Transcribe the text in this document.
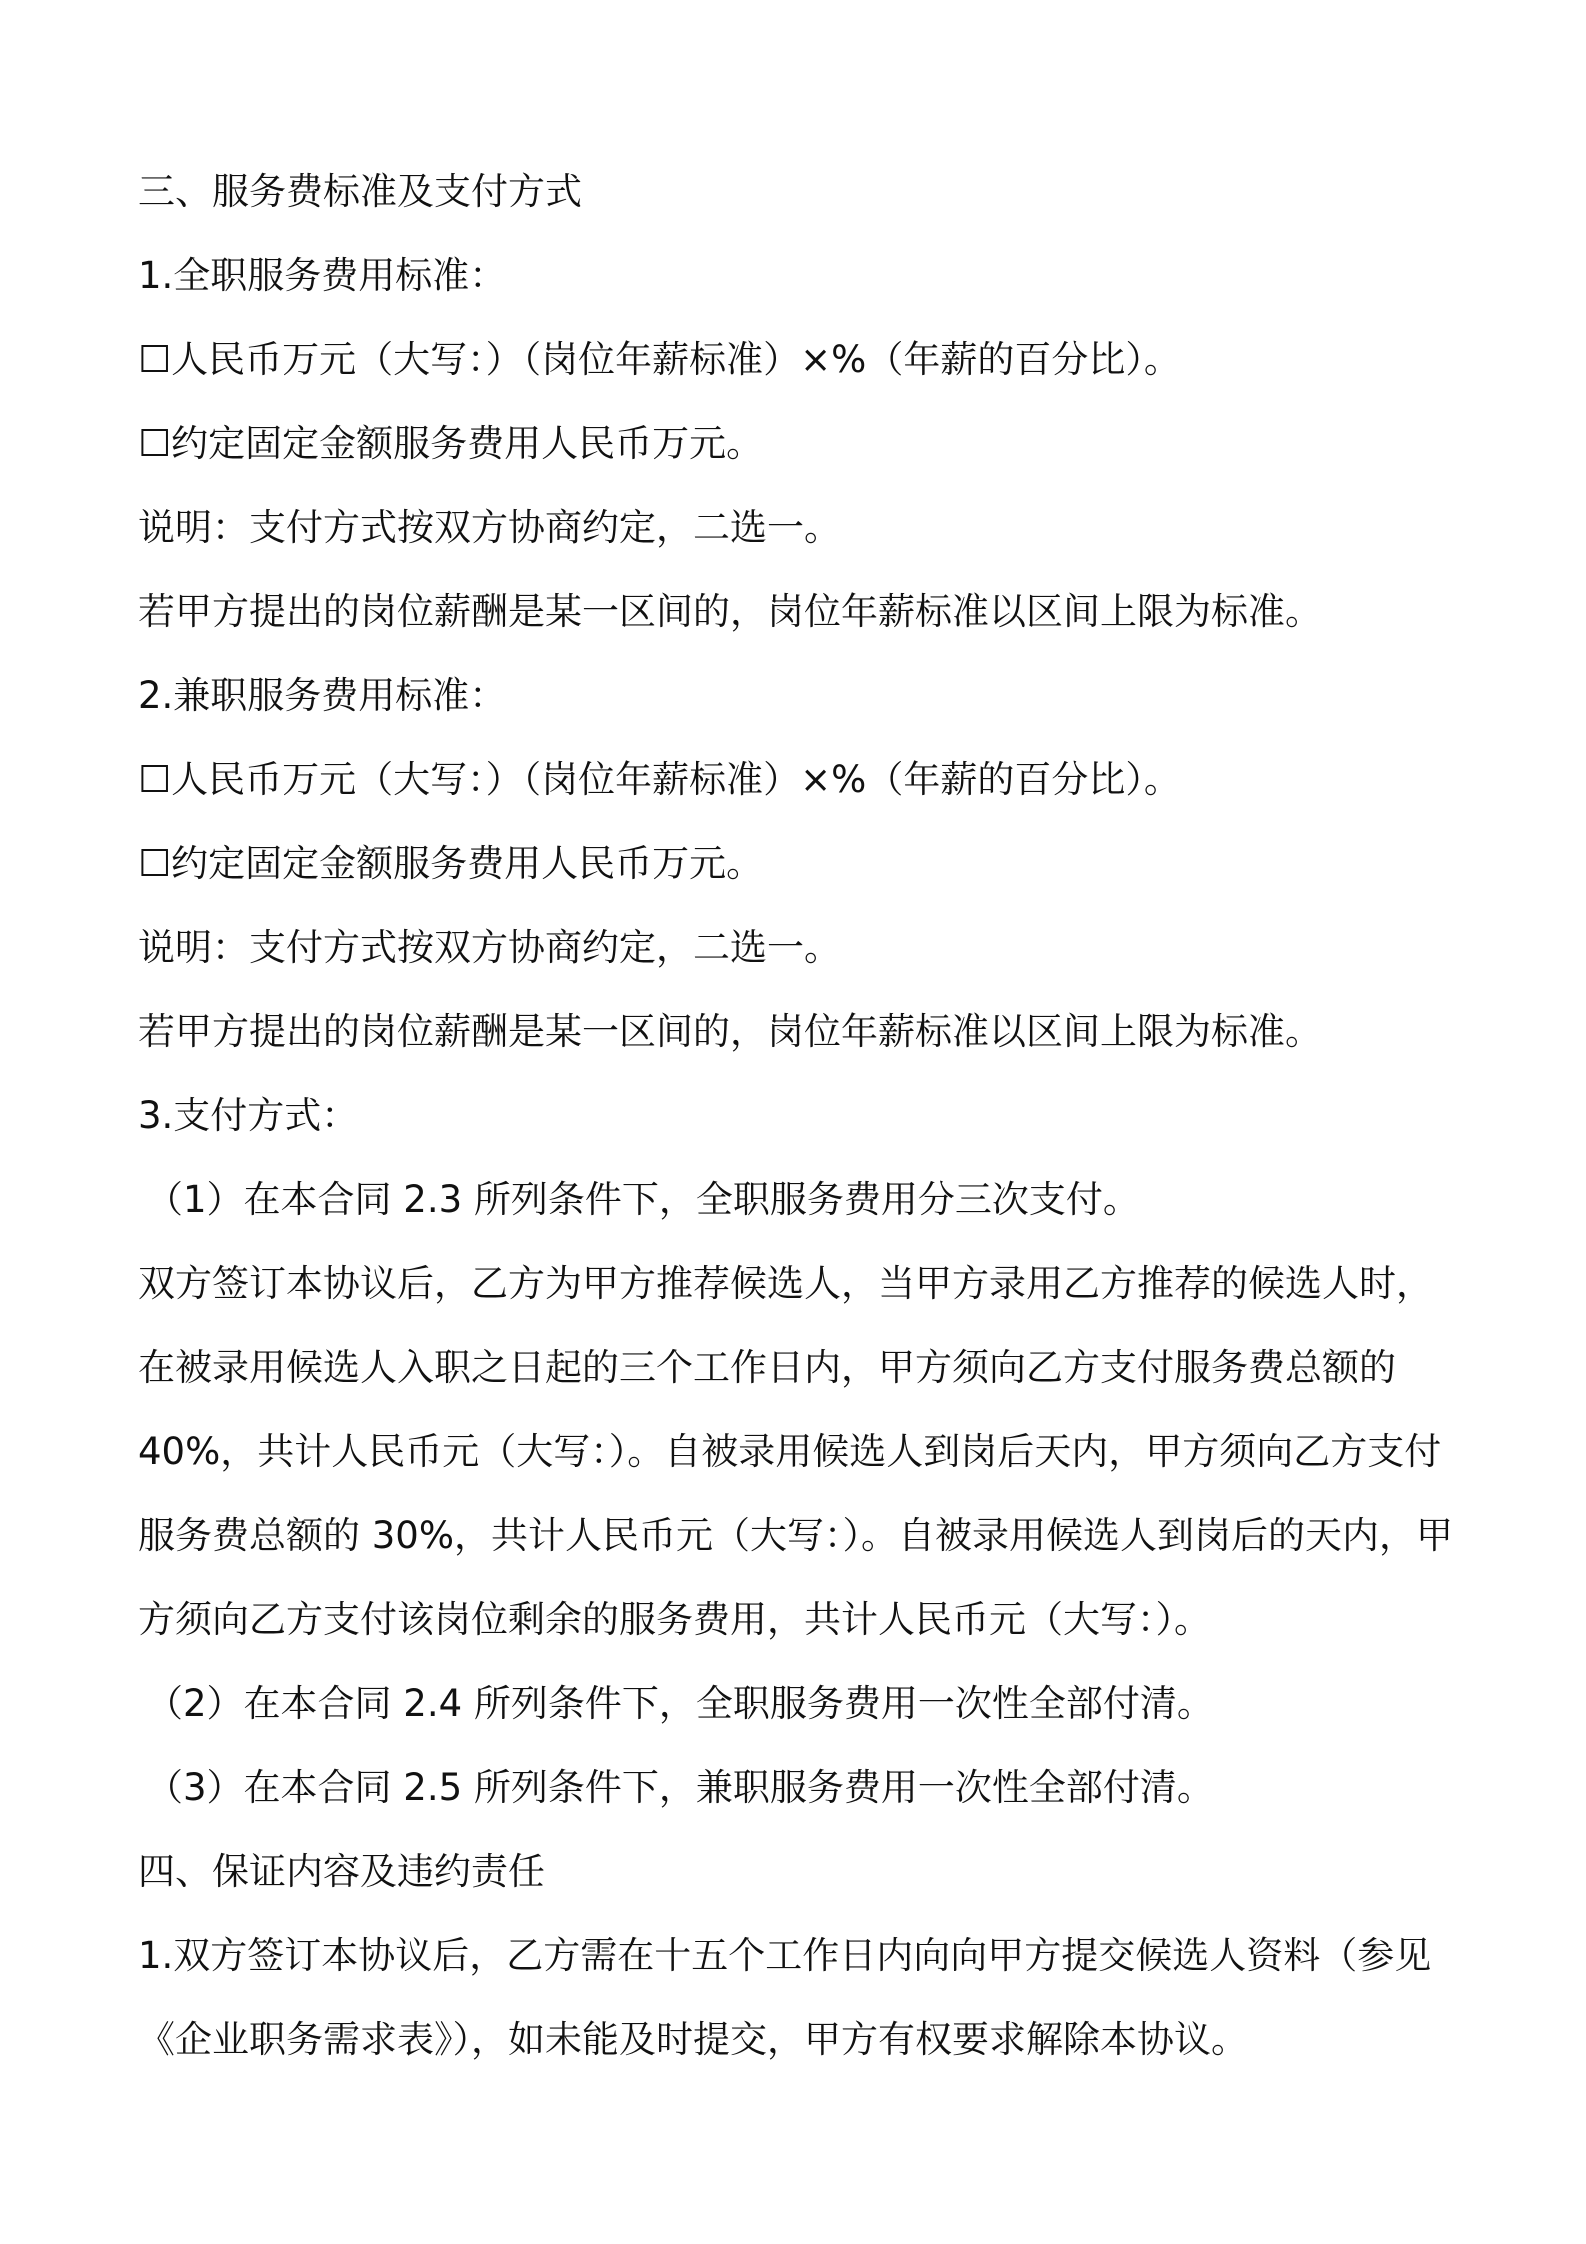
三、服务费标准及支付方式
1.全职服务费用标准：
☐人民币万元（大写：）（岗位年薪标准）×%（年薪的百分比）。
☐约定固定金额服务费用人民币万元。
说明：支付方式按双方协商约定，二选一。
若甲方提出的岗位薪酬是某一区间的，岗位年薪标准以区间上限为标准。
2.兼职服务费用标准：
☐人民币万元（大写：）（岗位年薪标准）×%（年薪的百分比）。
☐约定固定金额服务费用人民币万元。
说明：支付方式按双方协商约定，二选一。
若甲方提出的岗位薪酬是某一区间的，岗位年薪标准以区间上限为标准。
3.支付方式：
（1）在本合同 2.3 所列条件下，全职服务费用分三次支付。
双方签订本协议后，乙方为甲方推荐候选人，当甲方录用乙方推荐的候选人时，
在被录用候选人入职之日起的三个工作日内，甲方须向乙方支付服务费总额的
40%，共计人民币元（大写：）。自被录用候选人到岗后天内，甲方须向乙方支付
服务费总额的 30%，共计人民币元（大写：）。自被录用候选人到岗后的天内，甲
方须向乙方支付该岗位剩余的服务费用，共计人民币元（大写：）。
（2）在本合同 2.4 所列条件下，全职服务费用一次性全部付清。
（3）在本合同 2.5 所列条件下，兼职服务费用一次性全部付清。
四、保证内容及违约责任
1.双方签订本协议后，乙方需在十五个工作日内向向甲方提交候选人资料（参见
《企业职务需求表》），如未能及时提交，甲方有权要求解除本协议。
